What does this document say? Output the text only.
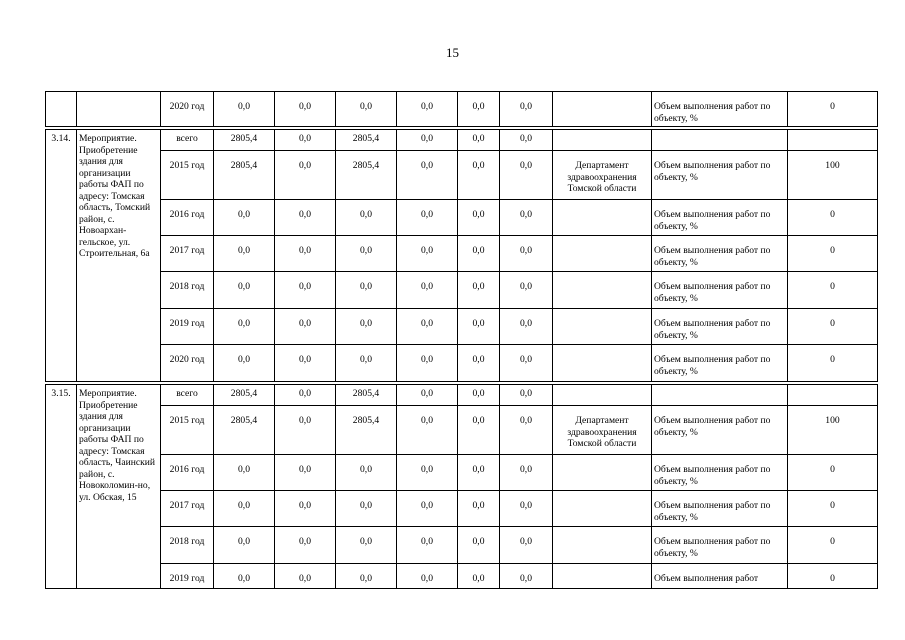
15
		2020 год	0,0	0,0	0,0	0,0	0,0	0,0		Объем выполнения работ по объекту, %	0

3.14.	Мероприятие. Приобретение здания для организации работы ФАП по адресу: Томская область, Томский район, с. Новоархан-гельское, ул. Строительная, 6а	всего	2805,4	0,0	2805,4	0,0	0,0	0,0			
		2015 год	2805,4	0,0	2805,4	0,0	0,0	0,0	Департамент здравоохранения Томской области	Объем выполнения работ по объекту, %	100
		2016 год	0,0	0,0	0,0	0,0	0,0	0,0		Объем выполнения работ по объекту, %	0
		2017 год	0,0	0,0	0,0	0,0	0,0	0,0		Объем выполнения работ по объекту, %	0
		2018 год	0,0	0,0	0,0	0,0	0,0	0,0		Объем выполнения работ по объекту, %	0
		2019 год	0,0	0,0	0,0	0,0	0,0	0,0		Объем выполнения работ по объекту, %	0
		2020 год	0,0	0,0	0,0	0,0	0,0	0,0		Объем выполнения работ по объекту, %	0

3.15.	Мероприятие. Приобретение здания для организации работы ФАП по адресу: Томская область, Чаинский район, с. Новоколомин-но, ул. Обская, 15	всего	2805,4	0,0	2805,4	0,0	0,0	0,0			
		2015 год	2805,4	0,0	2805,4	0,0	0,0	0,0	Департамент здравоохранения Томской области	Объем выполнения работ по объекту, %	100
		2016 год	0,0	0,0	0,0	0,0	0,0	0,0		Объем выполнения работ по объекту, %	0
		2017 год	0,0	0,0	0,0	0,0	0,0	0,0		Объем выполнения работ по объекту, %	0
		2018 год	0,0	0,0	0,0	0,0	0,0	0,0		Объем выполнения работ по объекту, %	0
		2019 год	0,0	0,0	0,0	0,0	0,0	0,0		Объем выполнения работ	0
